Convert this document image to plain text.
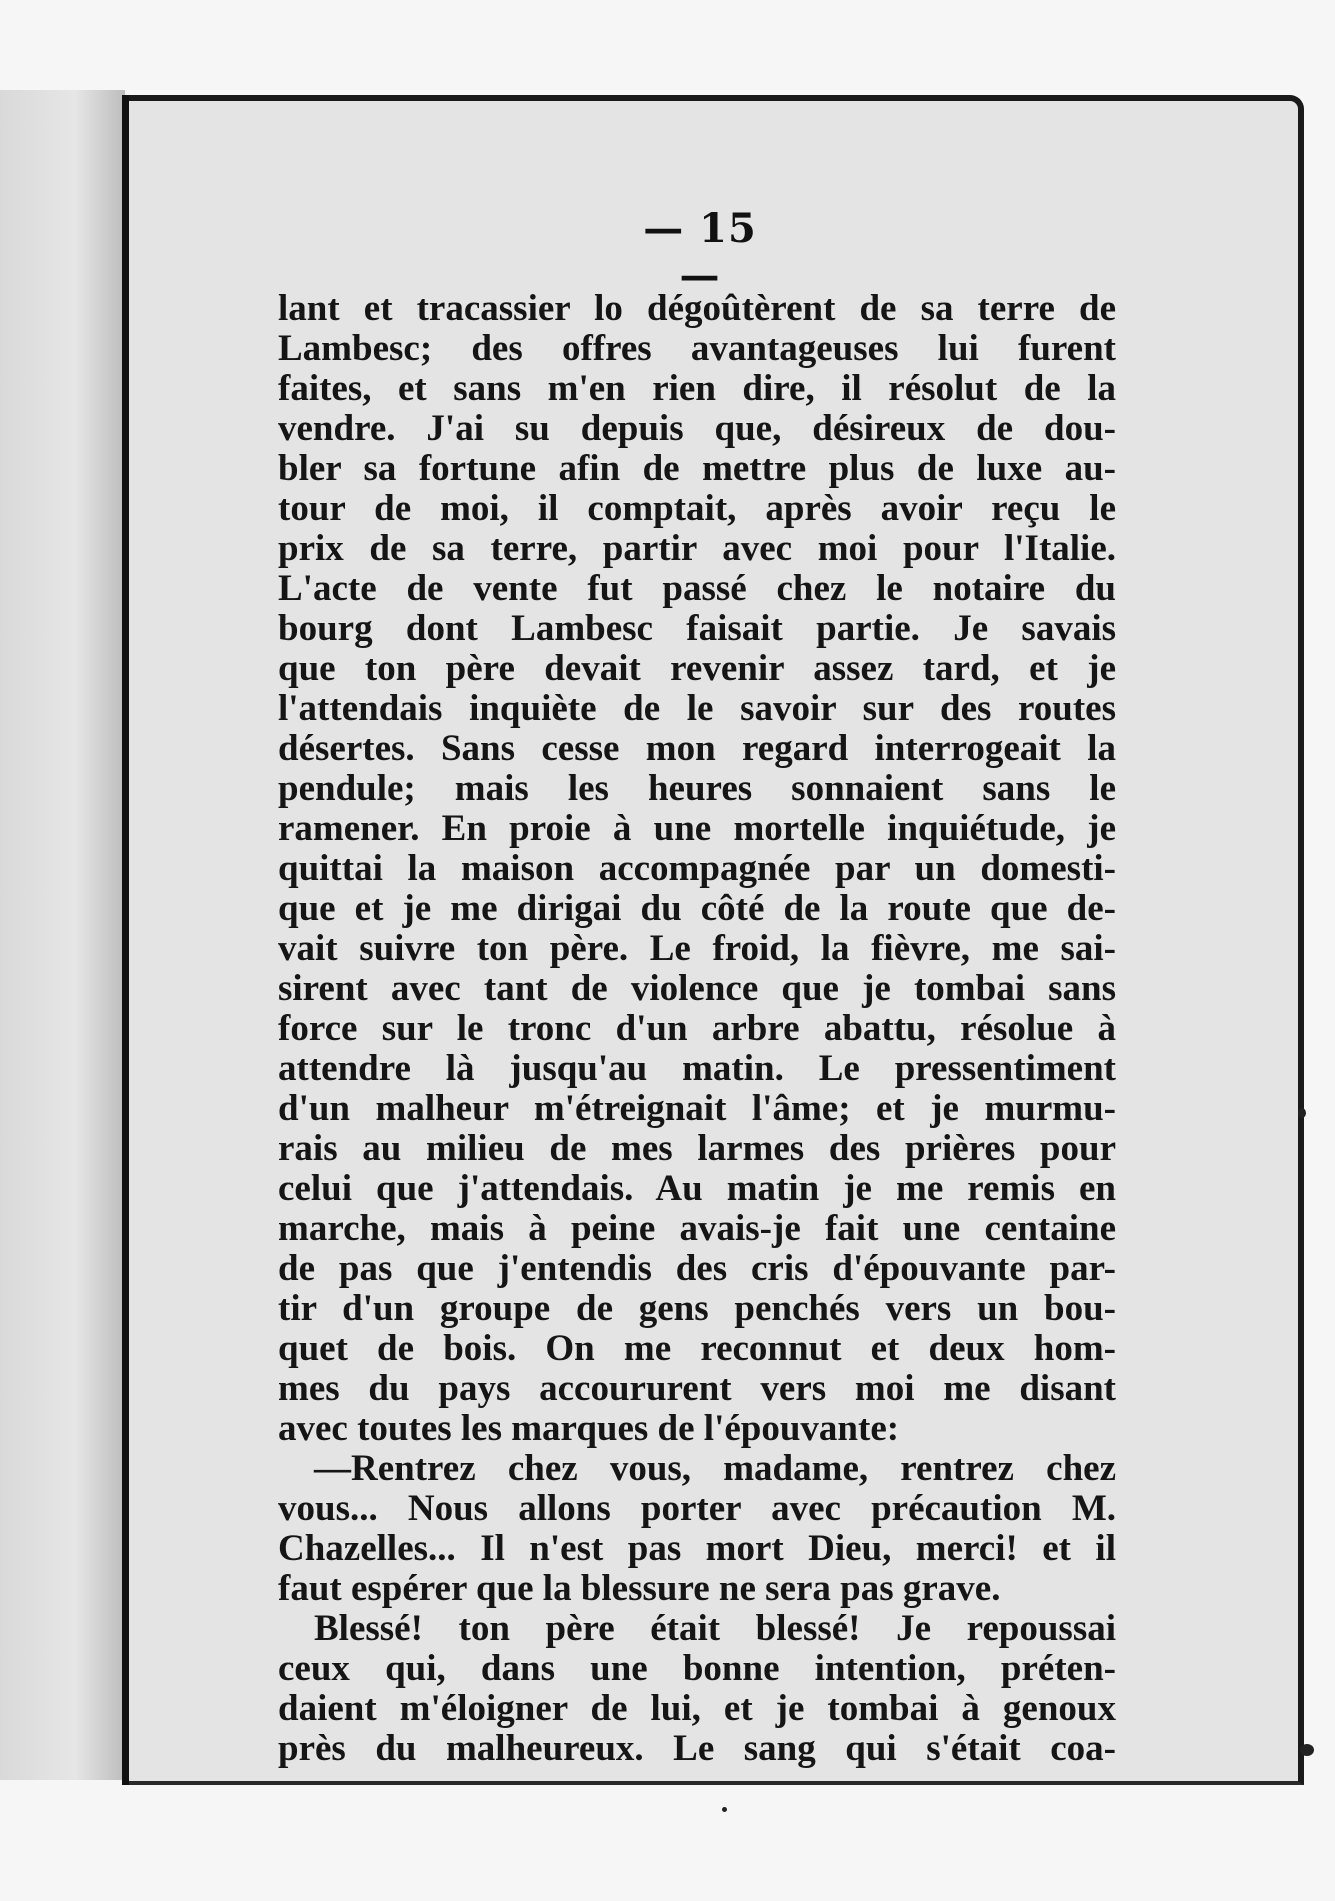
— 15 —
lant et tracassier lo dégoûtèrent de sa terre de
Lambesc; des offres avantageuses lui furent
faites, et sans m'en rien dire, il résolut de la
vendre. J'ai su depuis que, désireux de dou-
bler sa fortune afin de mettre plus de luxe au-
tour de moi, il comptait, après avoir reçu le
prix de sa terre, partir avec moi pour l'Italie.
L'acte de vente fut passé chez le notaire du
bourg dont Lambesc faisait partie. Je savais
que ton père devait revenir assez tard, et je
l'attendais inquiète de le savoir sur des routes
désertes. Sans cesse mon regard interrogeait la
pendule; mais les heures sonnaient sans le
ramener. En proie à une mortelle inquiétude, je
quittai la maison accompagnée par un domesti-
que et je me dirigai du côté de la route que de-
vait suivre ton père. Le froid, la fièvre, me sai-
sirent avec tant de violence que je tombai sans
force sur le tronc d'un arbre abattu, résolue à
attendre là jusqu'au matin. Le pressentiment
d'un malheur m'étreignait l'âme; et je murmu-
rais au milieu de mes larmes des prières pour
celui que j'attendais. Au matin je me remis en
marche, mais à peine avais-je fait une centaine
de pas que j'entendis des cris d'épouvante par-
tir d'un groupe de gens penchés vers un bou-
quet de bois. On me reconnut et deux hom-
mes du pays accoururent vers moi me disant
avec toutes les marques de l'épouvante:
—Rentrez chez vous, madame, rentrez chez
vous... Nous allons porter avec précaution M.
Chazelles... Il n'est pas mort Dieu, merci! et il
faut espérer que la blessure ne sera pas grave.
Blessé! ton père était blessé! Je repoussai
ceux qui, dans une bonne intention, préten-
daient m'éloigner de lui, et je tombai à genoux
près du malheureux. Le sang qui s'était coa-
